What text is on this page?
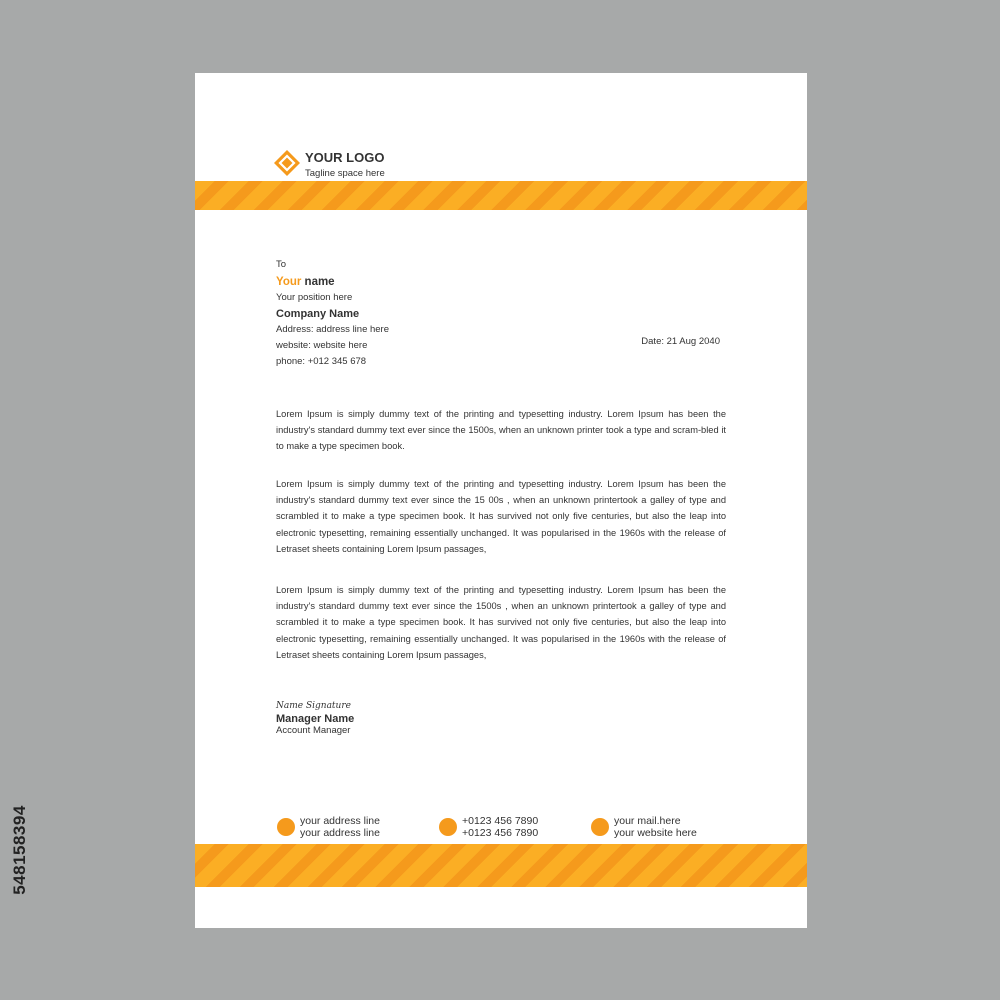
548158394
YOUR LOGO
Tagline space here
To
Your name
Your position here
Company Name
Address: address line here
website: website here
phone: +012 345 678
Date: 21 Aug 2040

Lorem Ipsum is simply dummy text of the printing and typesetting industry. Lorem Ipsum has been the industry's standard dummy text ever since the 1500s, when an unknown printer took a type and scram-bled it to make a type specimen book.

Lorem Ipsum is simply dummy text of the printing and typesetting industry. Lorem Ipsum has been the industry's standard dummy text ever since the 15 00s , when an unknown printertook a galley of type and scrambled it to make a type specimen book. It has survived not only five centuries, but also the leap into electronic typesetting, remaining essentially unchanged. It was popularised in the 1960s with the release of Letraset sheets containing Lorem Ipsum passages,

Lorem Ipsum is simply dummy text of the printing and typesetting industry. Lorem Ipsum has been the industry's standard dummy text ever since the 1500s , when an unknown printertook a galley of type and scrambled it to make a type specimen book. It has survived not only five centuries, but also the leap into electronic typesetting, remaining essentially unchanged. It was popularised in the 1960s with the release of Letraset sheets containing Lorem Ipsum passages,

Name Signature
Manager Name
Account Manager
your address line
your address line
+0123 456 7890
+0123 456 7890
your mail.here
your website here
